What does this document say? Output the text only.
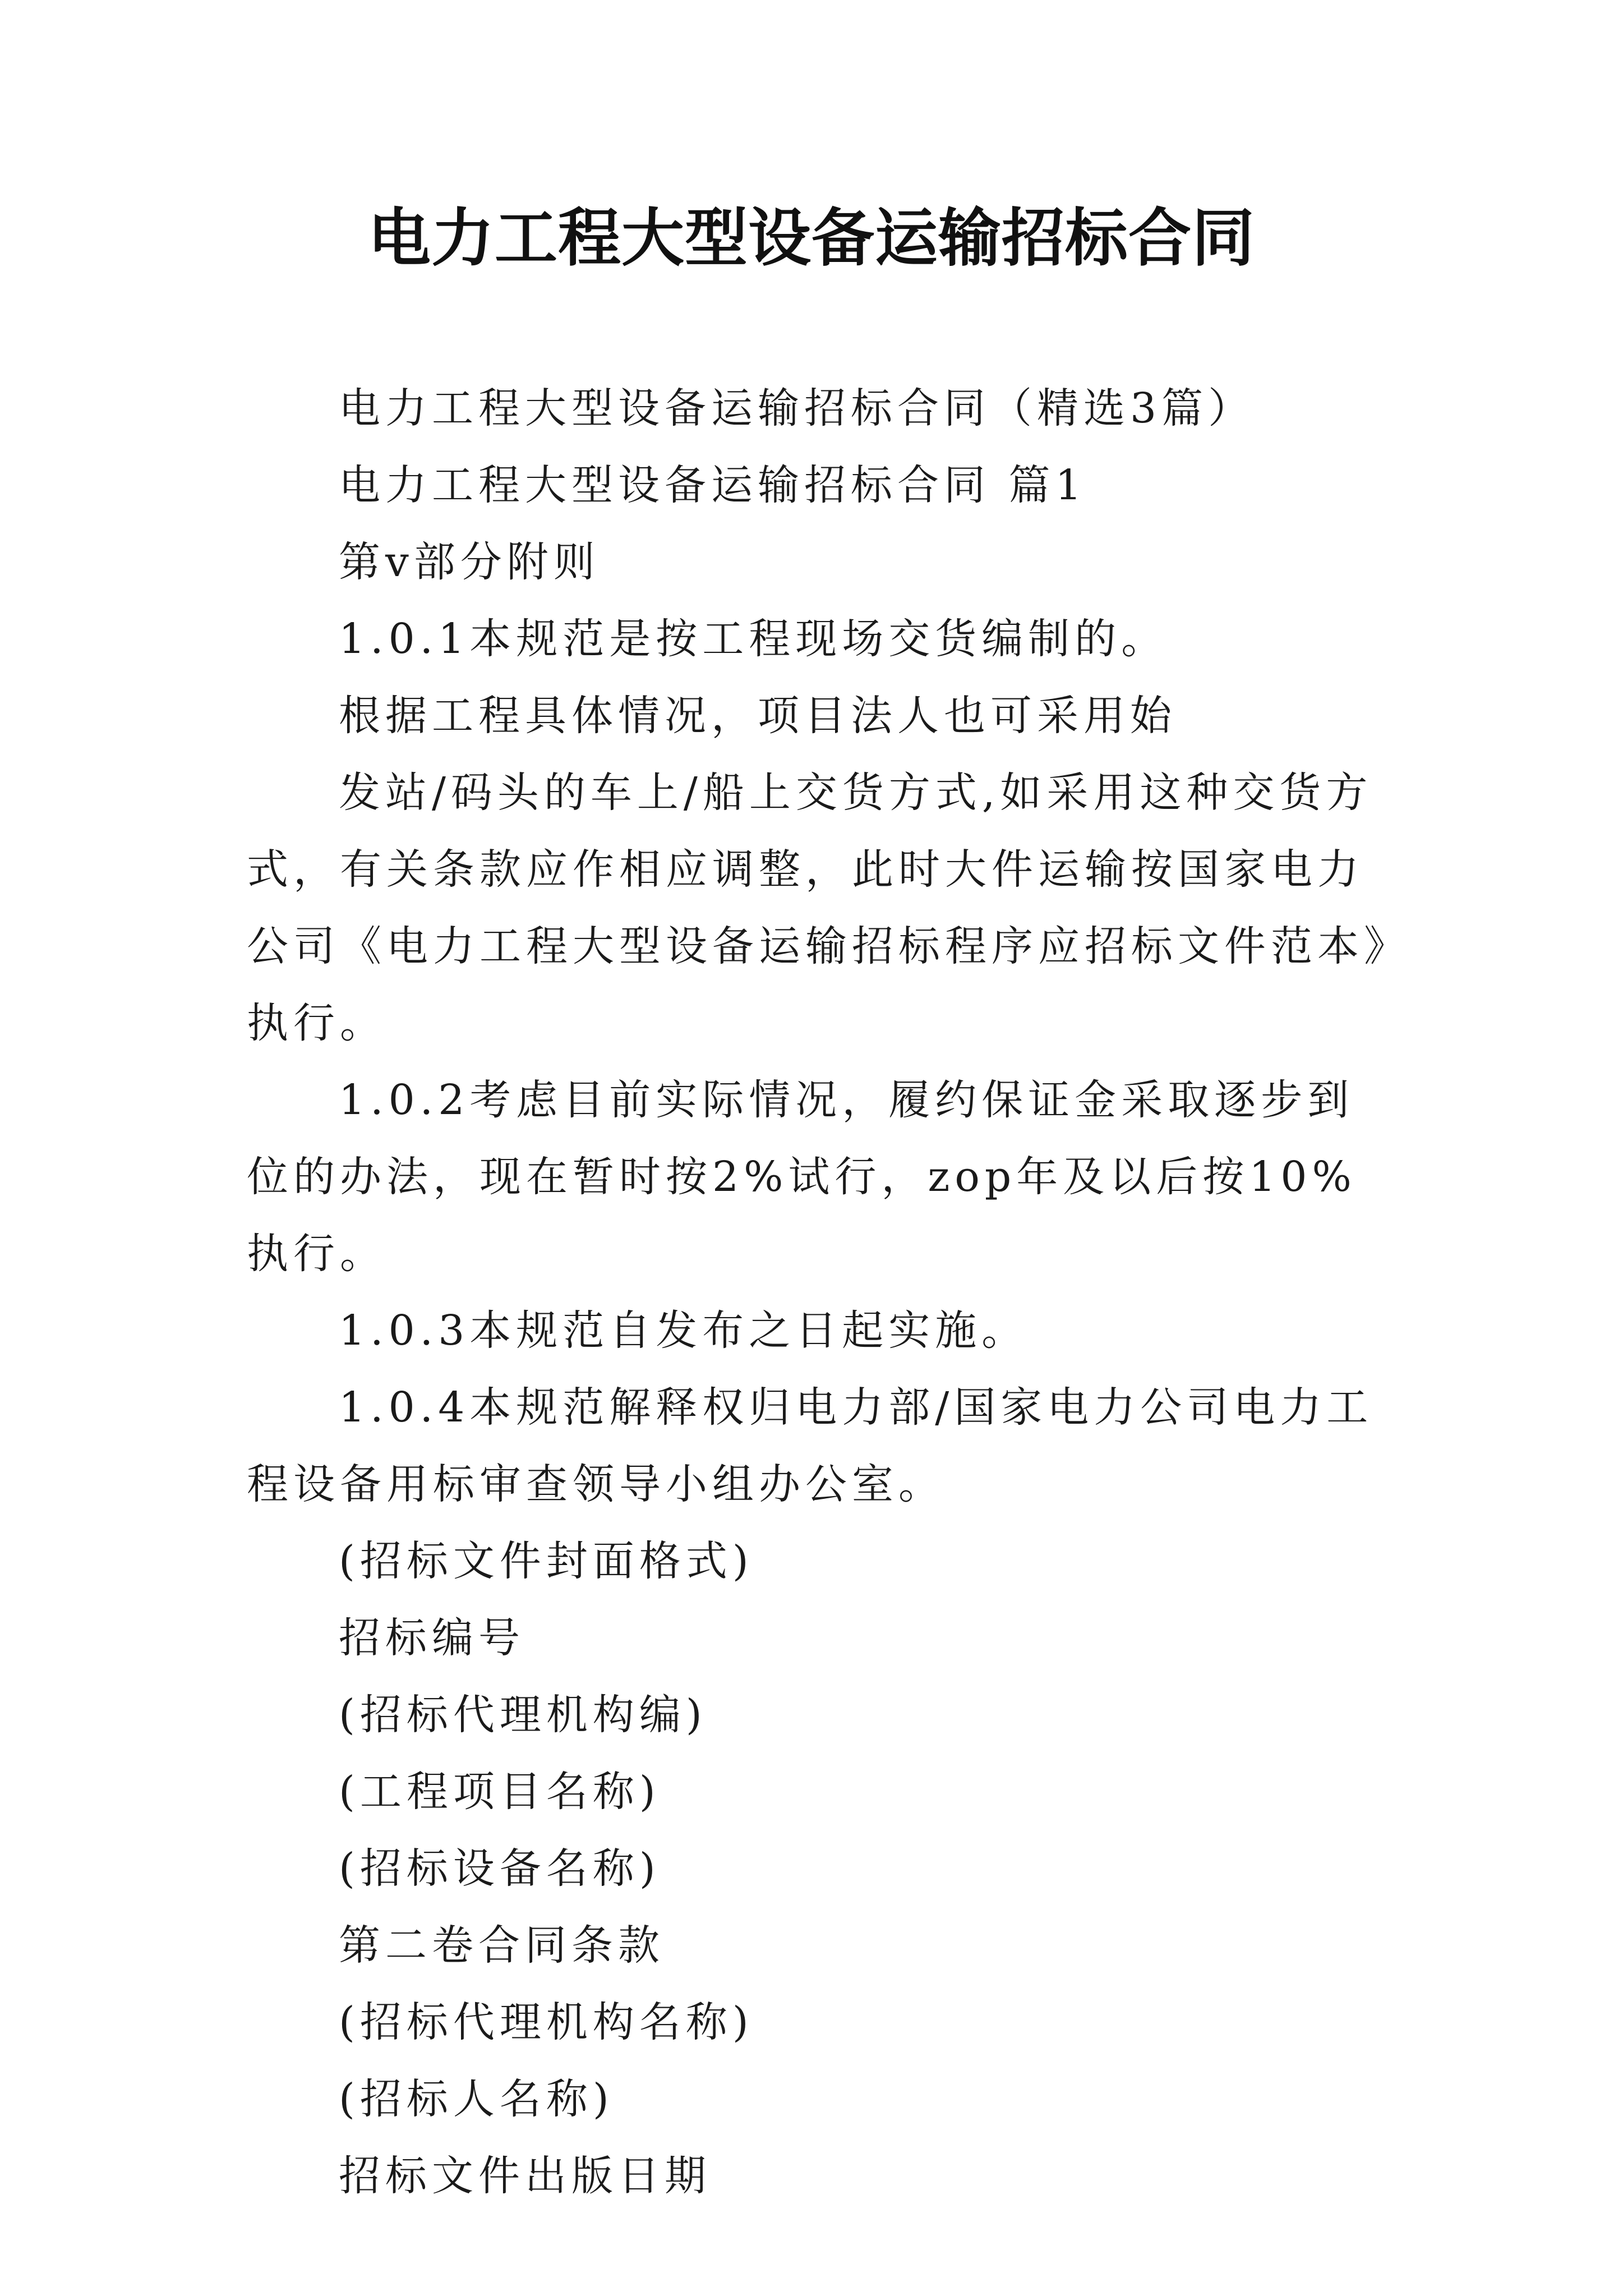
电力工程大型设备运输招标合同

电力工程大型设备运输招标合同（精选3篇）

电力工程大型设备运输招标合同 篇1

第v部分附则

1.0.1本规范是按工程现场交货编制的。

根据工程具体情况，项目法人也可采用始

发站/码头的车上/船上交货方式,如采用这种交货方式，有关条款应作相应调整，此时大件运输按国家电力公司《电力工程大型设备运输招标程序应招标文件范本》执行。

1.0.2考虑目前实际情况，履约保证金采取逐步到位的办法，现在暂时按2%试行，zop年及以后按10%执行。

1.0.3本规范自发布之日起实施。

1.0.4本规范解释权归电力部/国家电力公司电力工程设备用标审查领导小组办公室。

(招标文件封面格式)

招标编号

(招标代理机构编)

(工程项目名称)

(招标设备名称)

第二卷合同条款

(招标代理机构名称)

(招标人名称)

招标文件出版日期
